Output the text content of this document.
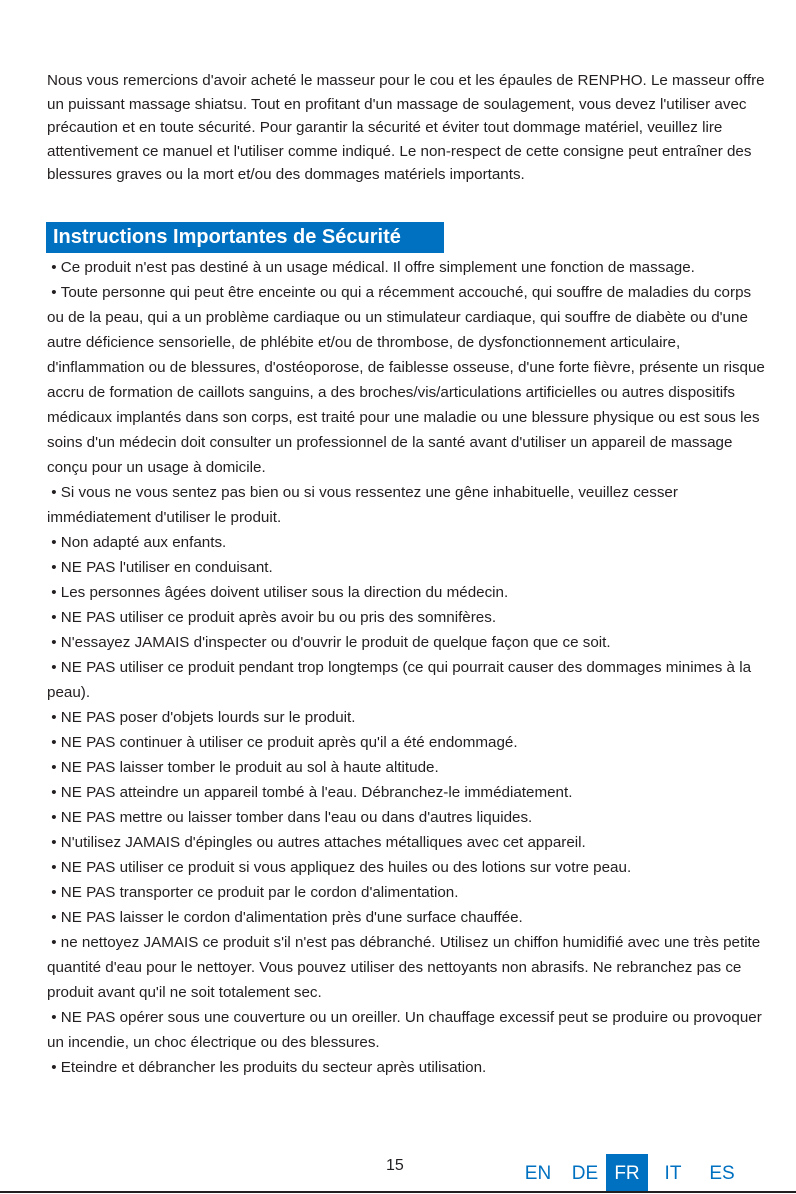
Nous vous remercions d'avoir acheté le masseur pour le cou et les épaules de RENPHO. Le masseur offre un puissant massage shiatsu. Tout en profitant d'un massage de soulagement, vous devez l'utiliser avec précaution et en toute sécurité. Pour garantir la sécurité et éviter tout dommage matériel, veuillez lire attentivement ce manuel et l'utiliser comme indiqué. Le non-respect de cette consigne peut entraîner des blessures graves ou la mort et/ou des dommages matériels importants.

Instructions Importantes de Sécurité
• Ce produit n'est pas destiné à un usage médical. Il offre simplement une fonction de massage.
• Toute personne qui peut être enceinte ou qui a récemment accouché, qui souffre de maladies du corps ou de la peau, qui a un problème cardiaque ou un stimulateur cardiaque, qui souffre de diabète ou d'une autre déficience sensorielle, de phlébite et/ou de thrombose, de dysfonctionnement articulaire, d'inflammation ou de blessures, d'ostéoporose, de faiblesse osseuse, d'une forte fièvre, présente un risque accru de formation de caillots sanguins, a des broches/vis/articulations artificielles ou autres dispositifs médicaux implantés dans son corps, est traité pour une maladie ou une blessure physique ou est sous les soins d'un médecin doit consulter un professionnel de la santé avant d'utiliser un appareil de massage conçu pour un usage à domicile.
• Si vous ne vous sentez pas bien ou si vous ressentez une gêne inhabituelle, veuillez cesser immédiatement d'utiliser le produit.
• Non adapté aux enfants.
• NE PAS l'utiliser en conduisant.
• Les personnes âgées doivent utiliser sous la direction du médecin.
• NE PAS utiliser ce produit après avoir bu ou pris des somnifères.
• N'essayez JAMAIS d'inspecter ou d'ouvrir le produit de quelque façon que ce soit.
• NE PAS utiliser ce produit pendant trop longtemps (ce qui pourrait causer des dommages minimes à la peau).
• NE PAS poser d'objets lourds sur le produit.
• NE PAS continuer à utiliser ce produit après qu'il a été endommagé.
• NE PAS laisser tomber le produit au sol à haute altitude.
• NE PAS atteindre un appareil tombé à l'eau. Débranchez-le immédiatement.
• NE PAS mettre ou laisser tomber dans l'eau ou dans d'autres liquides.
• N'utilisez JAMAIS d'épingles ou autres attaches métalliques avec cet appareil.
• NE PAS utiliser ce produit si vous appliquez des huiles ou des lotions sur votre peau.
• NE PAS transporter ce produit par le cordon d'alimentation.
• NE PAS laisser le cordon d'alimentation près d'une surface chauffée.
• ne nettoyez JAMAIS ce produit s'il n'est pas débranché. Utilisez un chiffon humidifié avec une très petite quantité d'eau pour le nettoyer. Vous pouvez utiliser des nettoyants non abrasifs. Ne rebranchez pas ce produit avant qu'il ne soit totalement sec.
• NE PAS opérer sous une couverture ou un oreiller. Un chauffage excessif peut se produire ou provoquer un incendie, un choc électrique ou des blessures.
• Eteindre et débrancher les produits du secteur après utilisation.
15	EN	DE FR	IT	ES
